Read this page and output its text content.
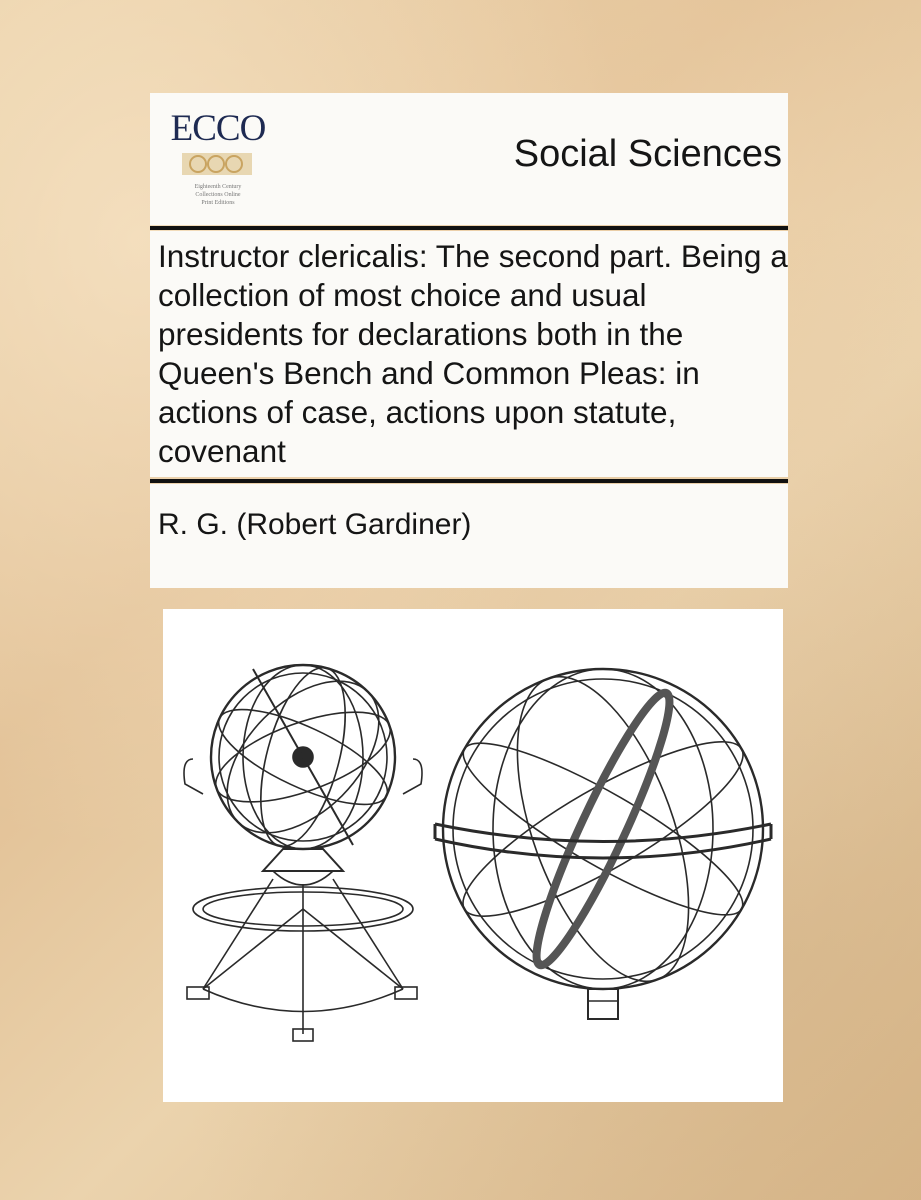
ECCO
Eighteenth Century
Collections Online
Print Editions
Social Sciences
Instructor clericalis: The second part. Being a collection of most choice and usual presidents for declarations both in the Queen's Bench and Common Pleas: in actions of case, actions upon statute, covenant
R. G. (Robert Gardiner)
